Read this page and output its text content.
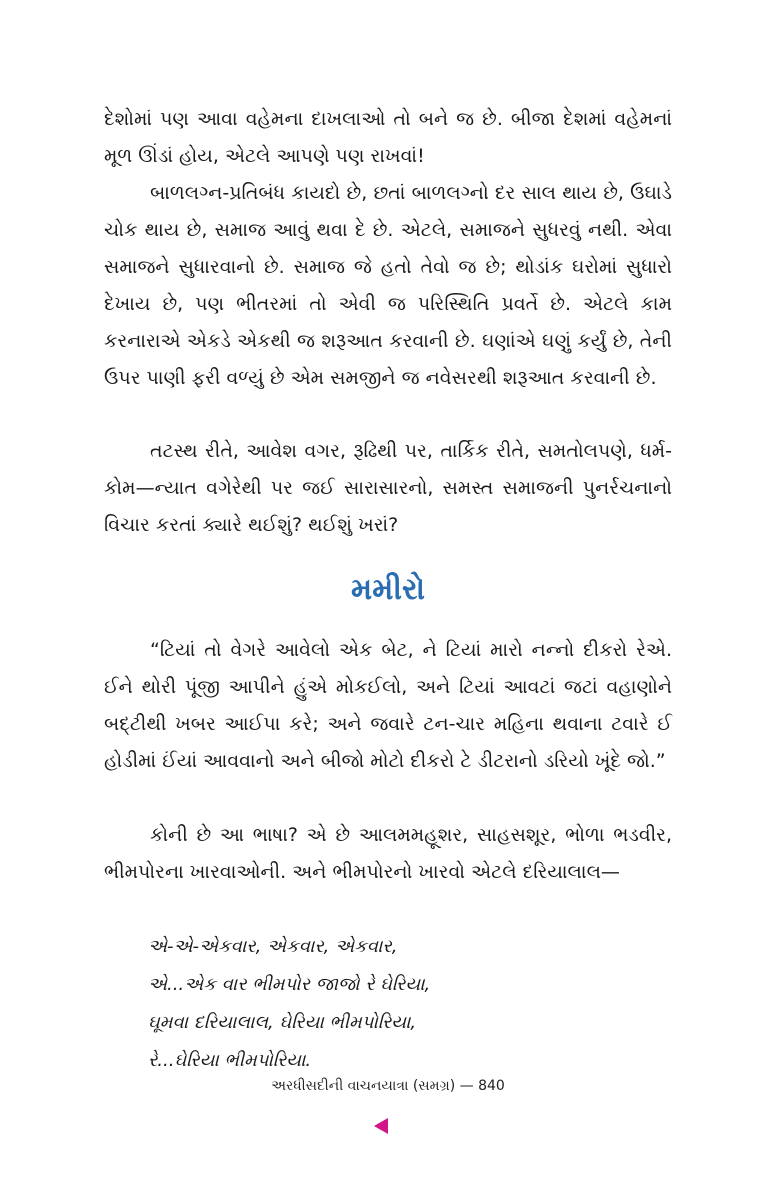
દેશોમાં પણ આવા વહેમના દાખલાઓ તો બને જ છે. બીજા દેશમાં વહેમનાં મૂળ ઊંડાં હોય, એટલે આપણે પણ રાખવાં!

બાળલગ્ન-પ્રતિબંધ કાયદો છે, છતાં બાળલગ્નો દર સાલ થાય છે, ઉઘાડે ચોક થાય છે, સમાજ આવું થવા દે છે. એટલે, સમાજને સુધરવું નથી. એવા સમાજને સુધારવાનો છે. સમાજ જે હતો તેવો જ છે; થોડાંક ઘરોમાં સુધારો દેખાય છે, પણ ભીતરમાં તો એવી જ પરિસ્થિતિ પ્રવર્તે છે. એટલે કામ કરનારાએ એકડે એકથી જ શરૂઆત કરવાની છે. ઘણાંએ ઘણું કર્યું છે, તેની ઉપર પાણી ફરી વળ્યું છે એમ સમજીને જ નવેસરથી શરૂઆત કરવાની છે.

તટસ્થ રીતે, આવેશ વગર, રૂઢિથી પર, તાર્કિક રીતે, સમતોલપણે, ધર્મ-કોમ—ન્યાત વગેરેથી પર જઈ સારાસારનો, સમસ્ત સમાજની પુનર્રચનાનો વિચાર કરતાં ક્યારે થઈશું? થઈશું ખરાં?

મમીરો

“ટિયાં તો વેગરે આવેલો એક બેટ, ને ટિયાં મારો નન્નો દીકરો રેએ. ઈને થોરી પૂંજી આપીને હુંએ મોકઈલો, અને ટિયાં આવટાં જટાં વહાણોને બદ્ટીથી ખબર આઈપા કરે; અને જવારે ટન-ચાર મહિના થવાના ટવારે ઈ હોડીમાં ઈંયાં આવવાનો અને બીજો મોટો દીકરો ટે ડીટરાનો ડરિયો ખૂંદે જો.”

કોની છે આ ભાષા? એ છે આલમમહૂશર, સાહસશૂર, ભોળા ભડવીર, ભીમપોરના ખારવાઓની. અને ભીમપોરનો ખારવો એટલે દરિયાલાલ—

એ-એ-એકવાર, એકવાર, એકવાર,
એ...એક વાર ભીમપોર જાજો રે ઘેરિયા,
ઘૂમવા દરિયાલાલ, ઘેરિયા ભીમપોરિયા,
રે...ઘેરિયા ભીમપોરિયા.
અરધીસદીની વાચનયાત્રા (સમગ્ર) — 840
